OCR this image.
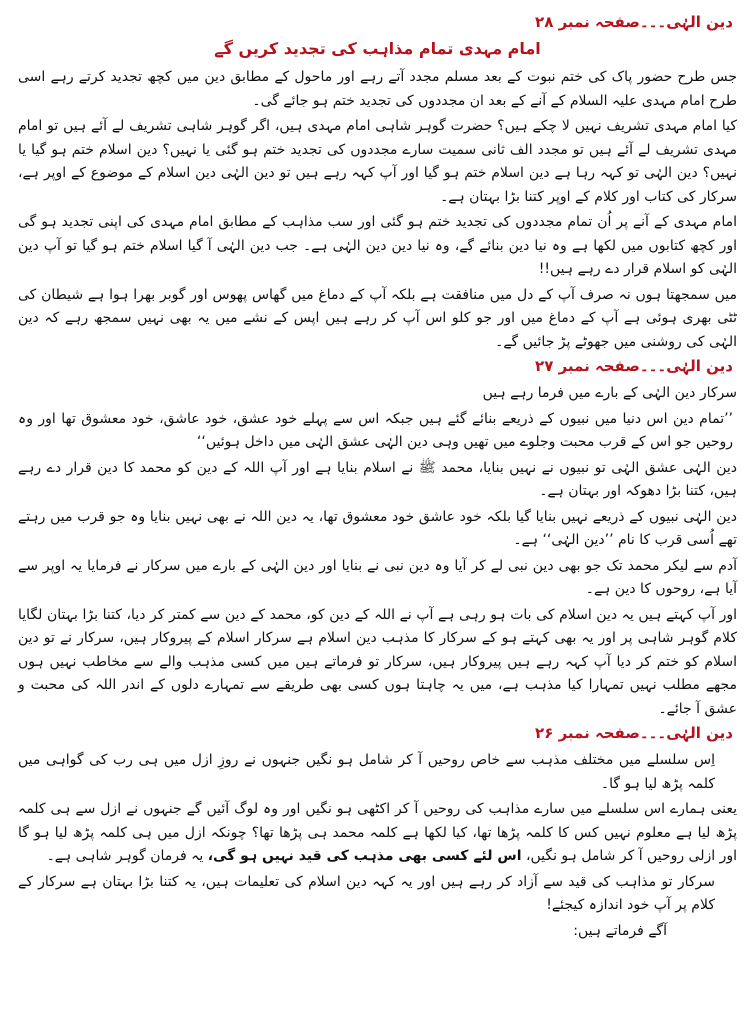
دین الہٰی۔۔۔صفحہ نمبر ۲۸
امام مہدی تمام مذاہب کی تجدید کریں گے

جس طرح حضور پاک کی ختم نبوت کے بعد مسلم مجدد آتے رہے اور ماحول کے مطابق دین میں کچھ تجدید کرتے رہے اسی طرح امام مہدی علیہ السلام کے آنے کے بعد ان مجددوں کی تجدید ختم ہو جائے گی۔

کیا امام مہدی تشریف نہیں لا چکے ہیں؟ حضرت گوہر شاہی امام مہدی ہیں، اگر گوہر شاہی تشریف لے آئے ہیں تو امام مہدی تشریف لے آئے ہیں تو مجدد الف ثانی سمیت سارے مجددوں کی تجدید ختم ہو گئی یا نہیں؟ دین اسلام ختم ہو گیا یا نہیں؟ دین الہٰی تو کہہ رہا ہے دین اسلام ختم ہو گیا اور آپ کہہ رہے ہیں تو دین الہٰی دین اسلام کے موضوع کے اوپر ہے، سرکار کی کتاب اور کلام کے اوپر کتنا بڑا بہتان ہے۔

امام مہدی کے آنے پر اُن تمام مجددوں کی تجدید ختم ہو گئی اور سب مذاہب کے مطابق امام مہدی کی اپنی تجدید ہو گی اور کچھ کتابوں میں لکھا ہے وہ نیا دین بنائے گے، وہ نیا دین دین الہٰی ہے۔ جب دین الہٰی آ گیا اسلام ختم ہو گیا تو آپ دین الہٰی کو اسلام قرار دے رہے ہیں!!

میں سمجھتا ہوں نہ صرف آپ کے دل میں منافقت ہے بلکہ آپ کے دماغ میں گھاس پھوس اور گوبر بھرا ہوا ہے شیطان کی ٹٹی بھری ہوئی ہے آپ کے دماغ میں اور جو کلو اس آپ کر رہے ہیں اپس کے نشے میں یہ بھی نہیں سمجھ رہے کہ دین الہٰی کی روشنی میں جھوٹے پڑ جائیں گے۔

دین الہٰی۔۔۔صفحہ نمبر ۲۷

سرکار دین الہٰی کے بارے میں فرما رہے ہیں

’’تمام دین اس دنیا میں نبیوں کے ذریعے بنائے گئے ہیں جبکہ اس سے پہلے خود عشق، خود عاشق، خود معشوق تھا اور وہ روحیں جو اس کے قرب محبت وجلوے میں تھیں وہی دین الہٰی عشق الہٰی میں داخل ہوئیں‘‘

دین الہٰی عشق الہٰی تو نبیوں نے نہیں بنایا، محمد ﷺ نے اسلام بنایا ہے اور آپ اللہ کے دین کو محمد کا دین قرار دے رہے ہیں، کتنا بڑا دھوکہ اور بہتان ہے۔

دین الہٰی نبیوں کے ذریعے نہیں بنایا گیا بلکہ خود عاشق خود معشوق تھا، یہ دین اللہ نے بھی نہیں بنایا وہ جو قرب میں رہتے تھے اُسی قرب کا نام ’’دین الہٰی‘‘ ہے۔

آدم سے لیکر محمد تک جو بھی دین نبی لے کر آیا وہ دین نبی نے بنایا اور دین الہٰی کے بارے میں سرکار نے فرمایا یہ اوپر سے آیا ہے، روحوں کا دین ہے۔

اور آپ کہتے ہیں یہ دین اسلام کی بات ہو رہی ہے آپ نے اللہ کے دین کو، محمد کے دین سے کمتر کر دیا، کتنا بڑا بہتان لگایا کلام گوہر شاہی پر اور یہ بھی کہتے ہو کے سرکار کا مذہب دین اسلام ہے سرکار اسلام کے پیروکار ہیں، سرکار نے تو دین اسلام کو ختم کر دیا آپ کہہ رہے ہیں پیروکار ہیں، سرکار تو فرماتے ہیں میں کسی مذہب والے سے مخاطب نہیں ہوں مجھے مطلب نہیں تمہارا کیا مذہب ہے، میں یہ چاہتا ہوں کسی بھی طریقے سے تمہارے دلوں کے اندر اللہ کی محبت و عشق آ جائے۔

دین الہٰی۔۔۔صفحہ نمبر ۲۶

اِس سلسلے میں مختلف مذہب سے خاص روحیں آ کر شامل ہو نگیں جنہوں نے روزِ ازل میں ہی رب کی گواہی میں کلمہ پڑھ لیا ہو گا۔

یعنی ہمارے اس سلسلے میں سارے مذاہب کی روحیں آ کر اکٹھی ہو نگیں اور وہ لوگ آئیں گے جنہوں نے ازل سے ہی کلمہ پڑھ لیا ہے معلوم نہیں کس کا کلمہ پڑھا تھا، کیا لکھا ہے کلمہ محمد ہی پڑھا تھا؟ چونکہ ازل میں ہی کلمہ پڑھ لیا ہو گا اور ازلی روحیں آ کر شامل ہو نگیں، اس لئے کسی بھی مذہب کی قید نہیں ہو گی، یہ فرمان گوہر شاہی ہے۔

سرکار تو مذاہب کی قید سے آزاد کر رہے ہیں اور یہ کہہ دین اسلام کی تعلیمات ہیں، یہ کتنا بڑا بہتان ہے سرکار کے کلام پر آپ خود اندازہ کیجئے!

آگے فرماتے ہیں:
